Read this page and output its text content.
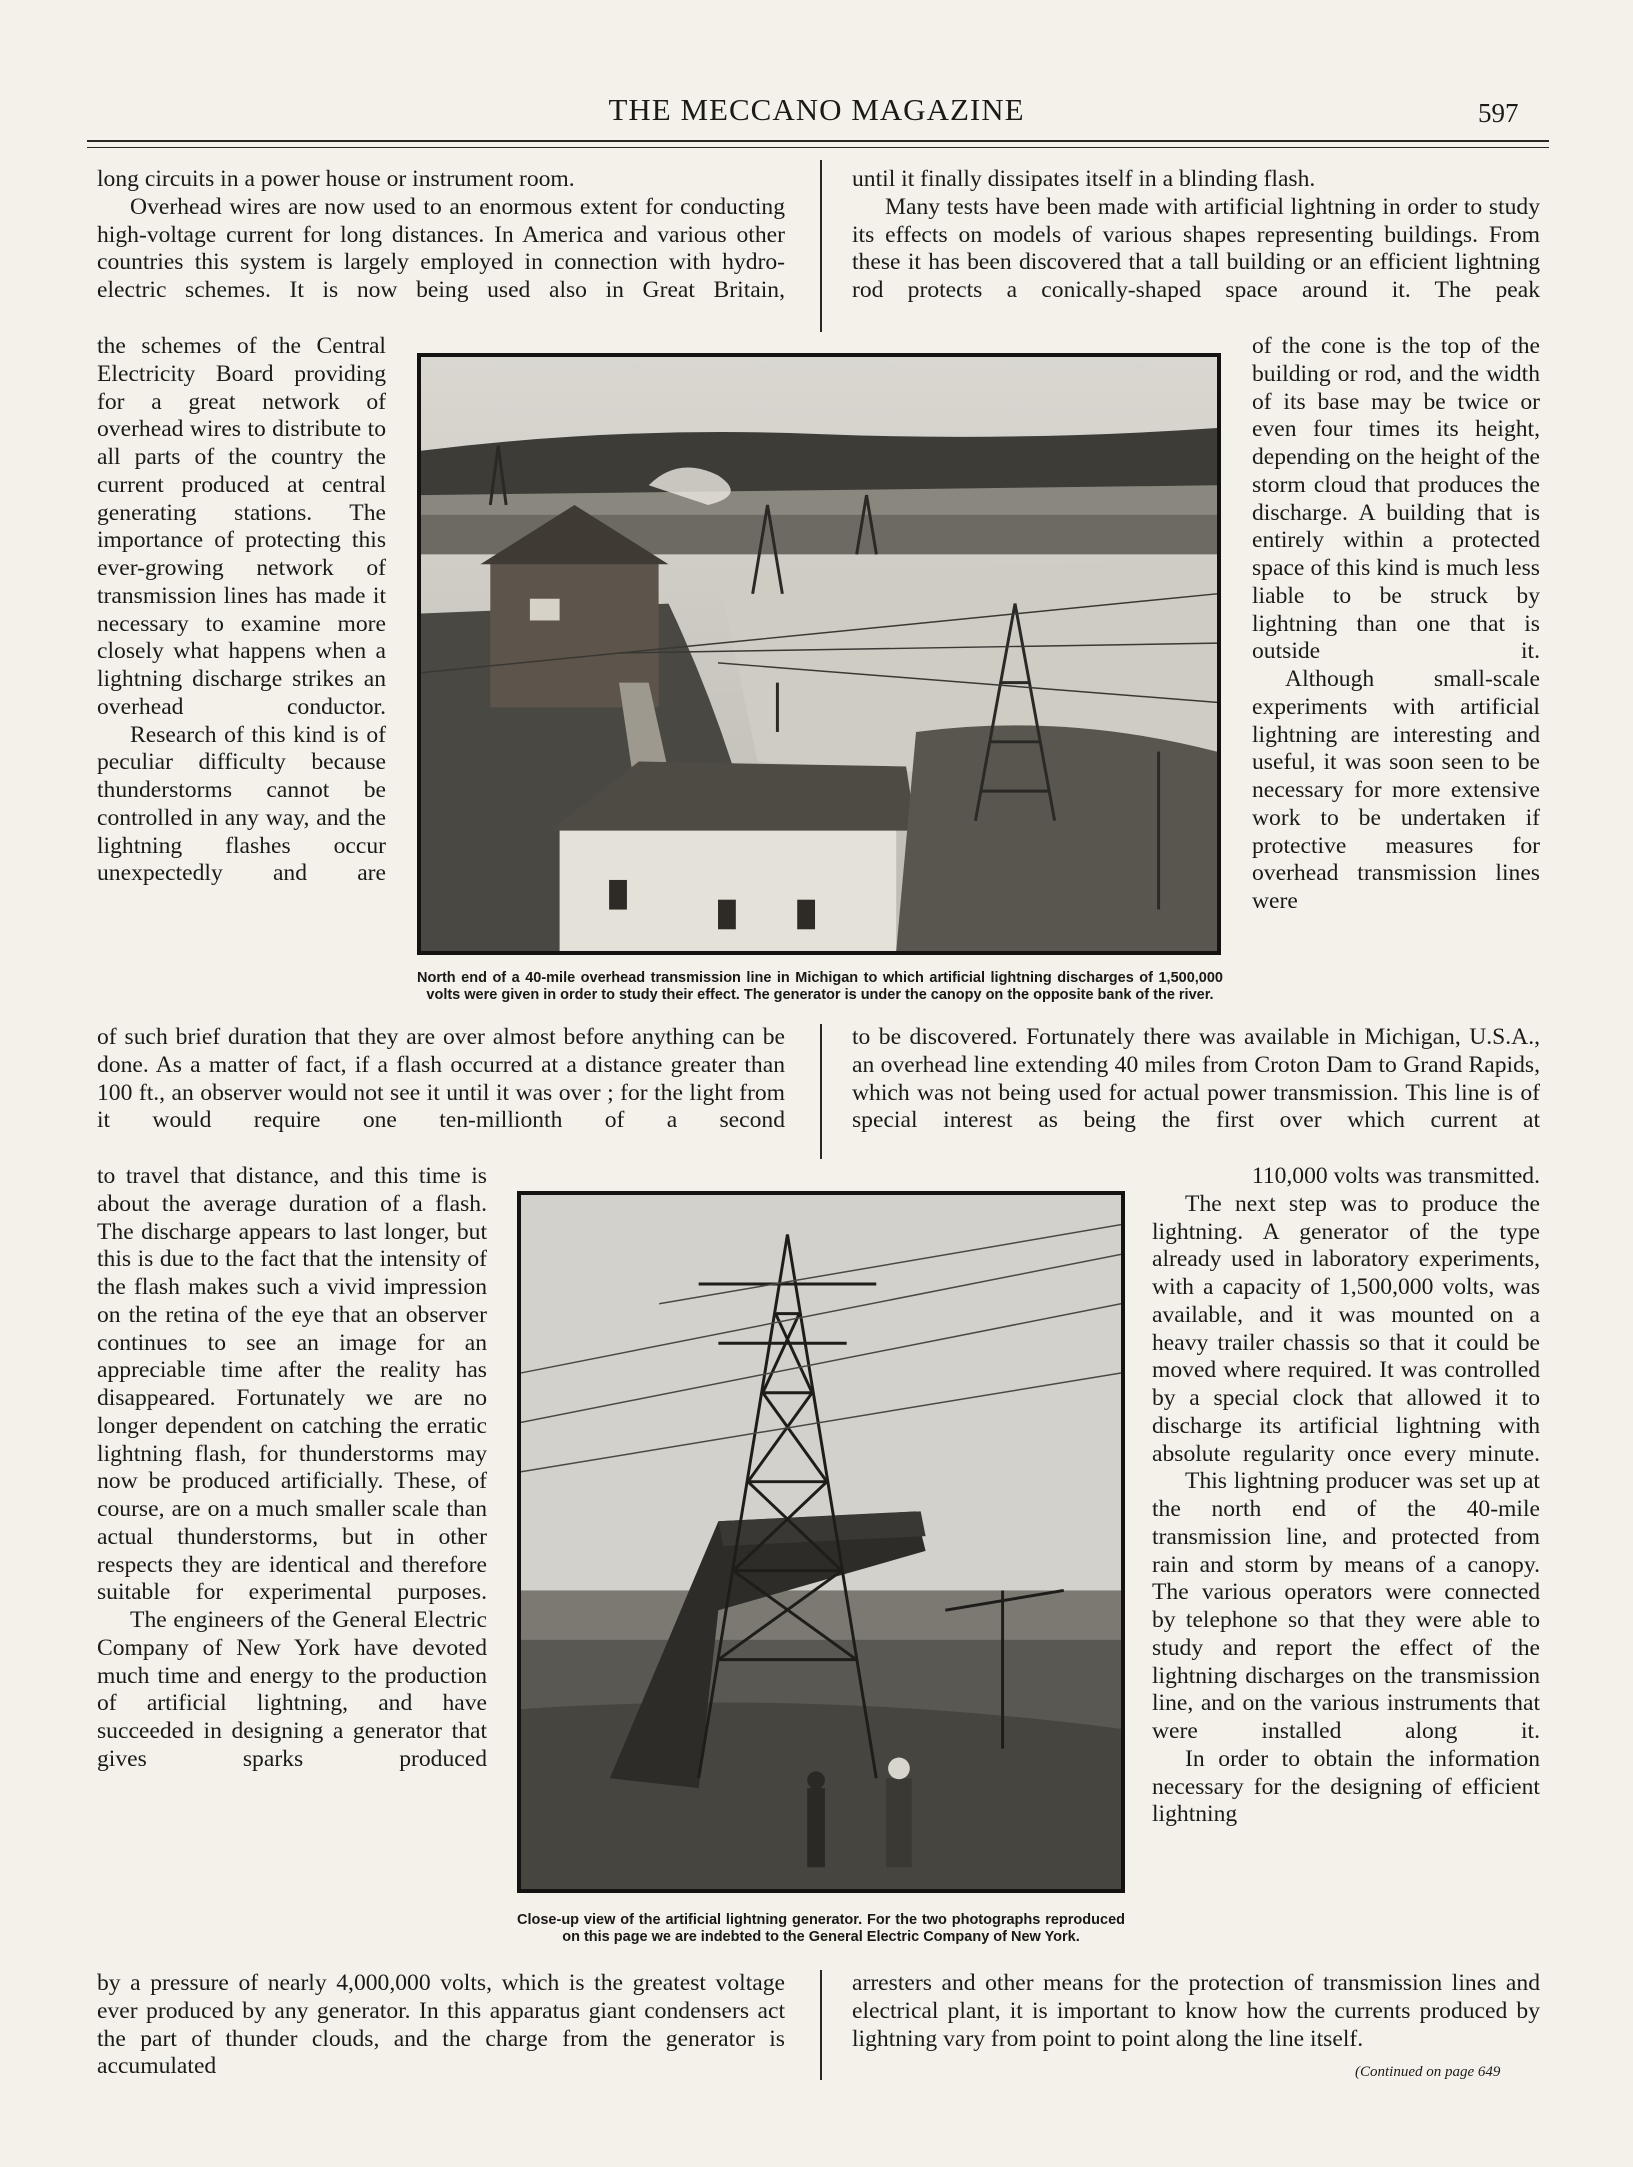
THE MECCANO MAGAZINE	597

long circuits in a power house or instrument room.

Overhead wires are now used to an enormous extent for conducting high-voltage current for long distances. In America and various other countries this system is largely employed in connection with hydro-electric schemes. It is now being used also in Great Britain,

the schemes of the Central Electricity Board providing for a great network of overhead wires to distribute to all parts of the country the current produced at central generating stations. The importance of protecting this ever-growing network of transmission lines has made it necessary to examine more closely what happens when a lightning discharge strikes an overhead conductor.

Research of this kind is of peculiar difficulty because thunderstorms cannot be controlled in any way, and the lightning flashes occur unexpectedly and are

North end of a 40-mile overhead transmission line in Michigan to which artificial lightning discharges of 1,500,000 volts were given in order to study their effect. The generator is under the canopy on the opposite bank of the river.

of such brief duration that they are over almost before anything can be done. As a matter of fact, if a flash occurred at a distance greater than 100 ft., an observer would not see it until it was over ; for the light from it would require one ten-millionth of a second

to travel that distance, and this time is about the average duration of a flash. The discharge appears to last longer, but this is due to the fact that the intensity of the flash makes such a vivid impression on the retina of the eye that an observer continues to see an image for an appreciable time after the reality has disappeared. Fortunately we are no longer dependent on catching the erratic lightning flash, for thunderstorms may now be produced artificially. These, of course, are on a much smaller scale than actual thunderstorms, but in other respects they are identical and therefore suitable for experimental purposes.

The engineers of the General Electric Company of New York have devoted much time and energy to the production of artificial lightning, and have succeeded in designing a generator that gives sparks produced

Close-up view of the artificial lightning generator. For the two photographs reproduced on this page we are indebted to the General Electric Company of New York.

by a pressure of nearly 4,000,000 volts, which is the greatest voltage ever produced by any generator. In this apparatus giant condensers act the part of thunder clouds, and the charge from the generator is accumulated

until it finally dissipates itself in a blinding flash.

Many tests have been made with artificial lightning in order to study its effects on models of various shapes representing buildings. From these it has been discovered that a tall building or an efficient lightning rod protects a conically-shaped space around it. The peak

of the cone is the top of the building or rod, and the width of its base may be twice or even four times its height, depending on the height of the storm cloud that produces the discharge. A building that is entirely within a protected space of this kind is much less liable to be struck by lightning than one that is outside it.

Although small-scale experiments with artificial lightning are interesting and useful, it was soon seen to be necessary for more extensive work to be undertaken if protective measures for overhead transmission lines were

to be discovered. Fortunately there was available in Michigan, U.S.A., an overhead line extending 40 miles from Croton Dam to Grand Rapids, which was not being used for actual power transmission. This line is of special interest as being the first over which current at

110,000 volts was transmitted.

The next step was to produce the lightning. A generator of the type already used in laboratory experiments, with a capacity of 1,500,000 volts, was available, and it was mounted on a heavy trailer chassis so that it could be moved where required. It was controlled by a special clock that allowed it to discharge its artificial lightning with absolute regularity once every minute.

This lightning producer was set up at the north end of the 40-mile transmission line, and protected from rain and storm by means of a canopy. The various operators were connected by telephone so that they were able to study and report the effect of the lightning discharges on the transmission line, and on the various instruments that were installed along it.

In order to obtain the information necessary for the designing of efficient lightning

arresters and other means for the protection of transmission lines and electrical plant, it is important to know how the currents produced by lightning vary from point to point along the line itself.

(Continued on page 649
